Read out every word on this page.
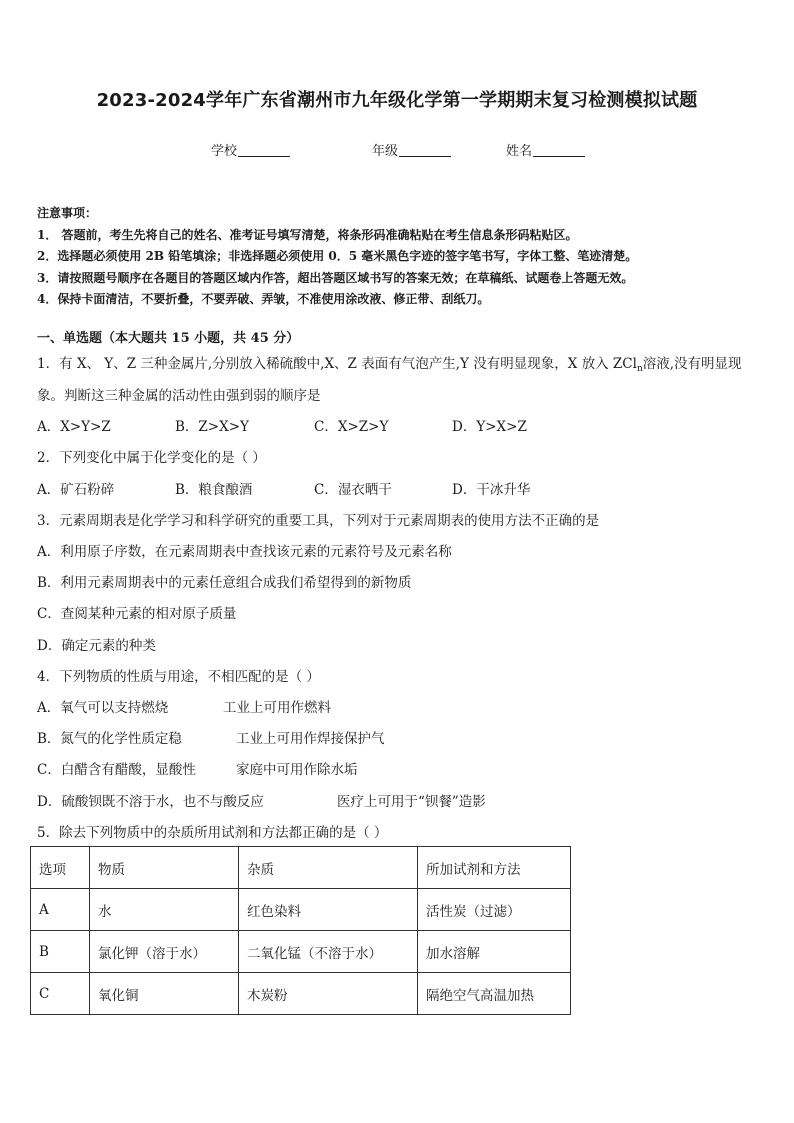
2023-2024学年广东省潮州市九年级化学第一学期期末复习检测模拟试题
学校	年级	姓名
注意事项：
1． 答题前，考生先将自己的姓名、准考证号填写清楚，将条形码准确粘贴在考生信息条形码粘贴区。
2．选择题必须使用 2B 铅笔填涂；非选择题必须使用 0．5 毫米黑色字迹的签字笔书写，字体工整、笔迹清楚。
3．请按照题号顺序在各题目的答题区域内作答，超出答题区域书写的答案无效；在草稿纸、试题卷上答题无效。
4．保持卡面清洁，不要折叠，不要弄破、弄皱，不准使用涂改液、修正带、刮纸刀。
一、单选题（本大题共 15 小题，共 45 分）
1．有 X、 Y、Z 三种金属片,分别放入稀硫酸中,X、Z 表面有气泡产生,Y 没有明显现象，X 放入 ZCl$_n$溶液,没有明显现
象。判断这三种金属的活动性由强到弱的顺序是
A．X>Y>Z	B．Z>X>Y	C．X>Z>Y	D．Y>X>Z
2．下列变化中属于化学变化的是（ ）
A．矿石粉碎	B．粮食酿酒	C．湿衣晒干	D．干冰升华
3．元素周期表是化学学习和科学研究的重要工具，下列对于元素周期表的使用方法不正确的是
A．利用原子序数，在元素周期表中查找该元素的元素符号及元素名称
B．利用元素周期表中的元素任意组合成我们希望得到的新物质
C．查阅某种元素的相对原子质量
D．确定元素的种类
4．下列物质的性质与用途，不相匹配的是（ ）
A．氧气可以支持燃烧	工业上可用作燃料
B．氮气的化学性质定稳	工业上可用作焊接保护气
C．白醋含有醋酸，显酸性	家庭中可用作除水垢
D．硫酸钡既不溶于水，也不与酸反应	医疗上可用于“钡餐”造影
5．除去下列物质中的杂质所用试剂和方法都正确的是（ ）
选项	物质	杂质	所加试剂和方法
A	水	红色染料	活性炭（过滤）
B	氯化钾（溶于水）	二氧化锰（不溶于水）	加水溶解
C	氧化铜	木炭粉	隔绝空气高温加热
